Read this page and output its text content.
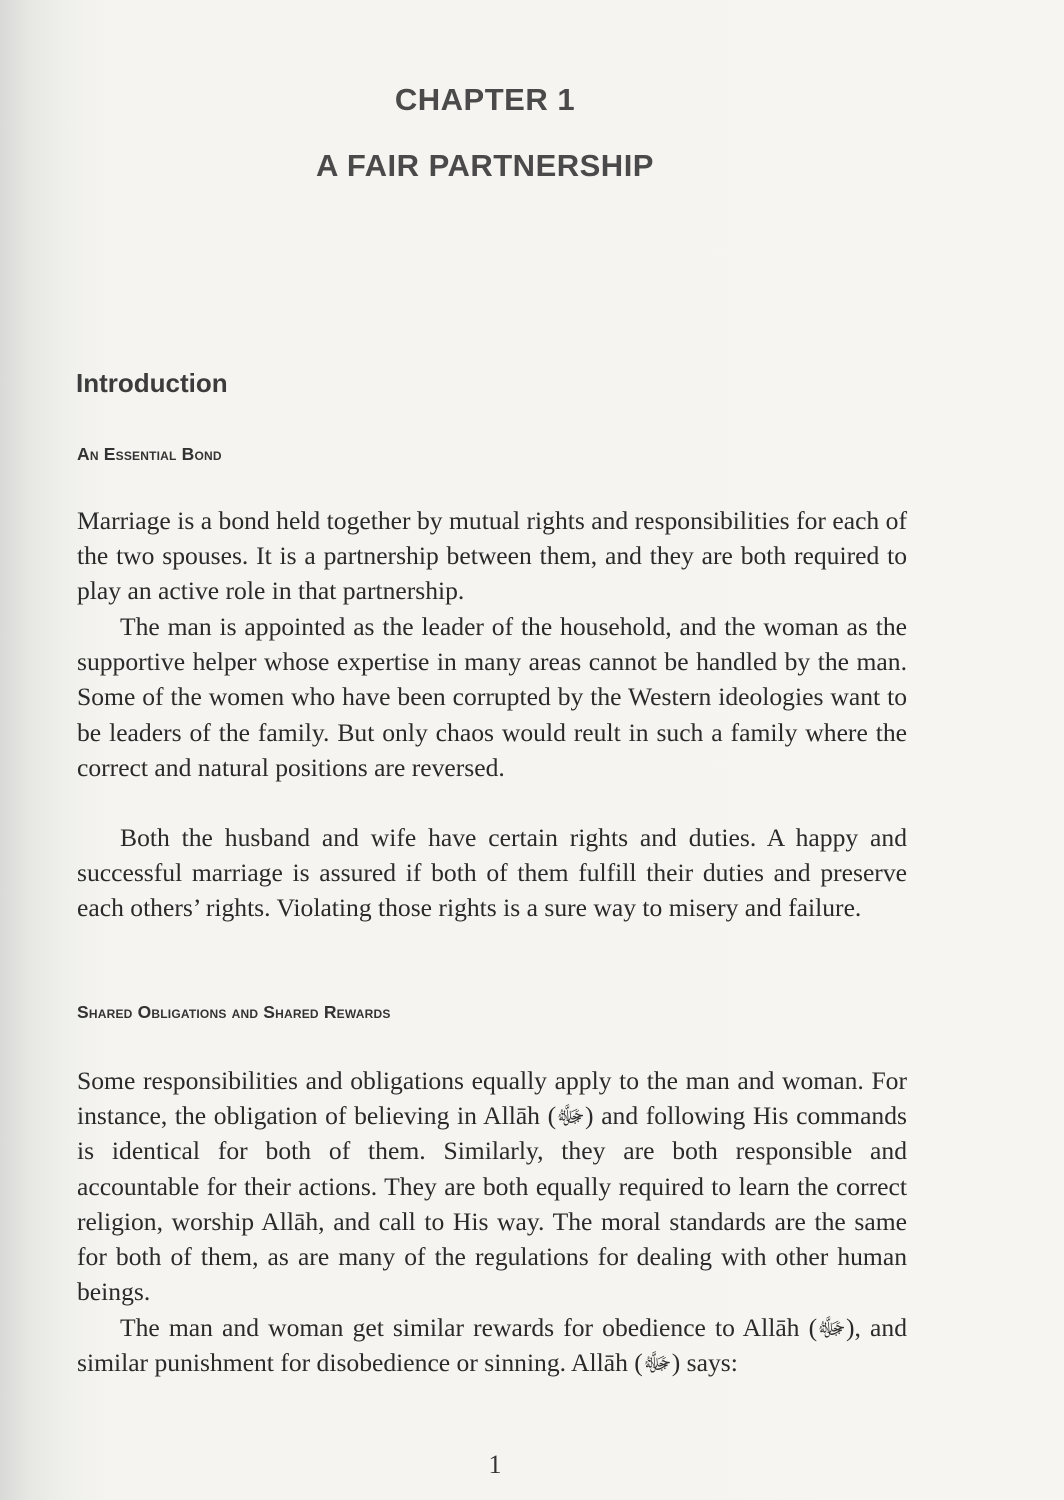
CHAPTER 1
A FAIR PARTNERSHIP
Introduction
An Essential Bond

Marriage is a bond held together by mutual rights and responsibilities for each of the two spouses. It is a partnership between them, and they are both required to play an active role in that partnership.

The man is appointed as the leader of the household, and the woman as the supportive helper whose expertise in many areas cannot be handled by the man. Some of the women who have been corrupted by the Western ideologies want to be leaders of the family. But only chaos would reult in such a family where the correct and natural positions are reversed.

Both the husband and wife have certain rights and duties. A happy and successful marriage is assured if both of them fulfill their duties and preserve each others’ rights. Violating those rights is a sure way to misery and failure.

Shared Obligations and Shared Rewards

Some responsibilities and obligations equally apply to the man and woman. For instance, the obligation of believing in Allāh (ﷻ) and following His commands is identical for both of them. Similarly, they are both responsible and accountable for their actions. They are both equally required to learn the correct religion, worship Allāh, and call to His way. The moral standards are the same for both of them, as are many of the regulations for dealing with other human beings.

The man and woman get similar rewards for obedience to Allāh (ﷻ), and similar punishment for disobedience or sinning. Allāh (ﷻ) says:

1
